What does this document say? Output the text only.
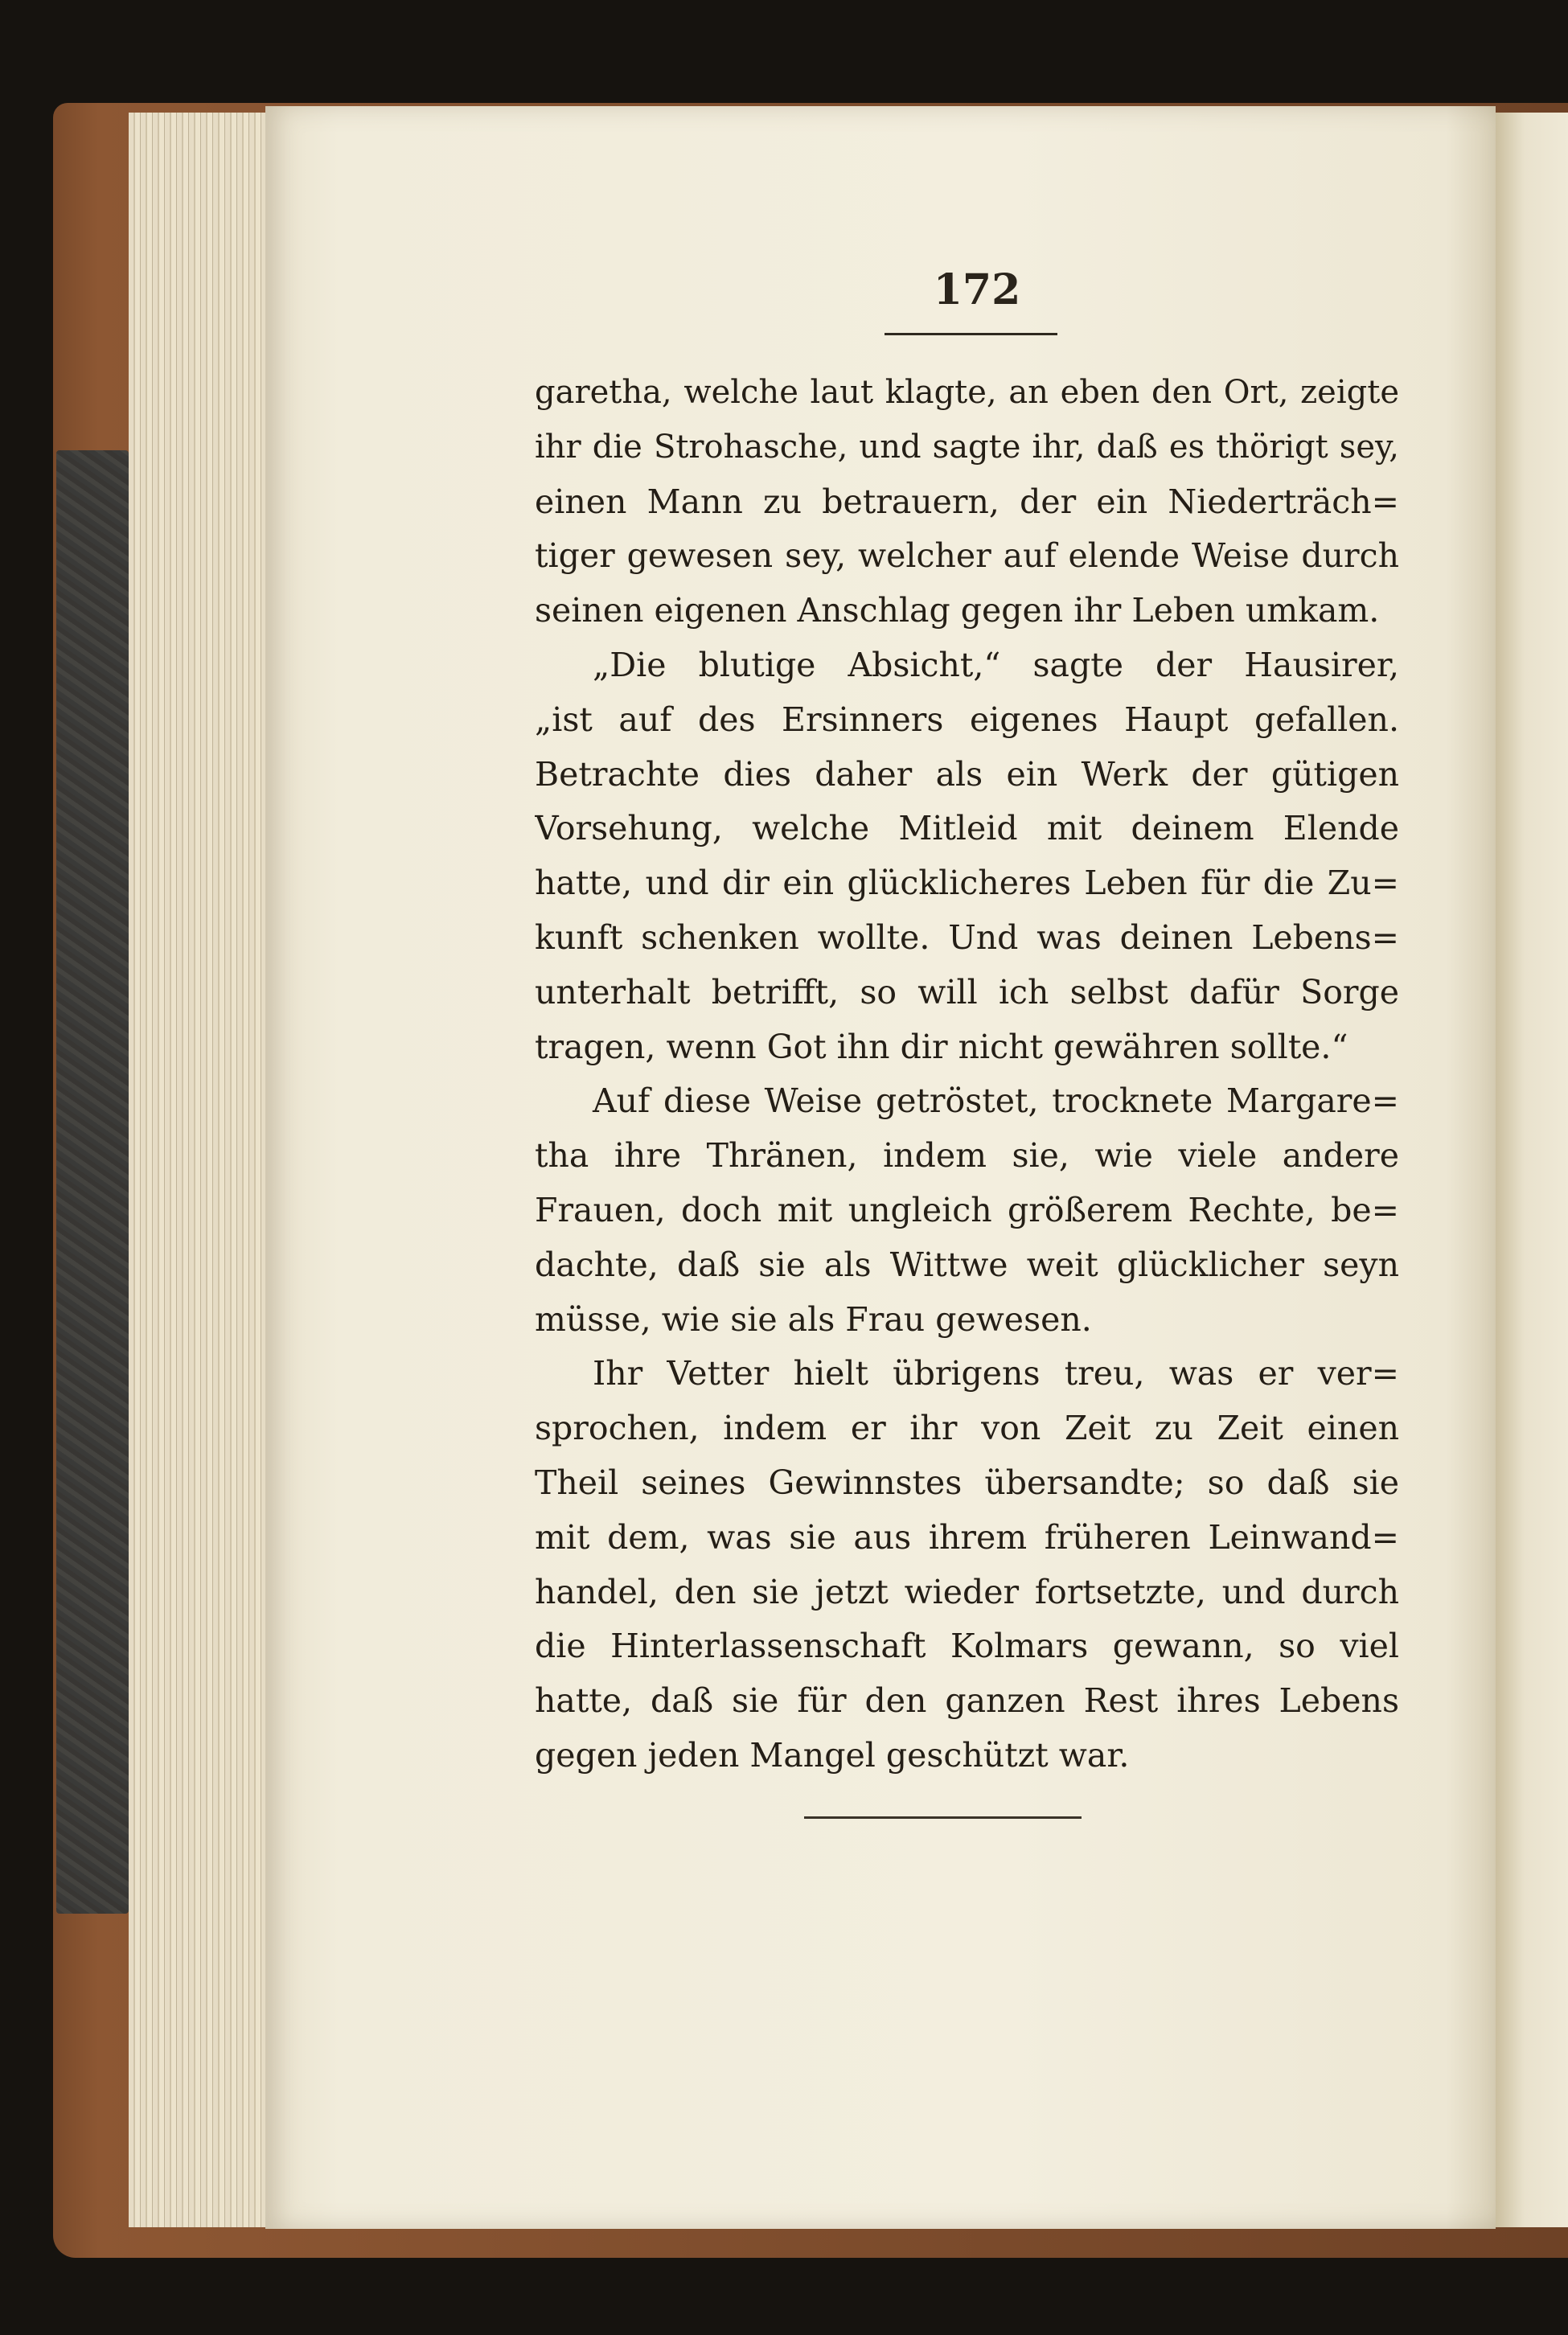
172
garetha, welche laut klagte, an eben den Ort, zeigte
ihr die Strohasche, und sagte ihr, daß es thörigt sey,
einen Mann zu betrauern, der ein Niederträch=
tiger gewesen sey, welcher auf elende Weise durch
seinen eigenen Anschlag gegen ihr Leben umkam.
„Die blutige Absicht,“ sagte der Hausirer,
„ist auf des Ersinners eigenes Haupt gefallen.
Betrachte dies daher als ein Werk der gütigen
Vorsehung, welche Mitleid mit deinem Elende
hatte, und dir ein glücklicheres Leben für die Zu=
kunft schenken wollte. Und was deinen Lebens=
unterhalt betrifft, so will ich selbst dafür Sorge
tragen, wenn Got ihn dir nicht gewähren sollte.“
Auf diese Weise getröstet, trocknete Margare=
tha ihre Thränen, indem sie, wie viele andere
Frauen, doch mit ungleich größerem Rechte, be=
dachte, daß sie als Wittwe weit glücklicher seyn
müsse, wie sie als Frau gewesen.
Ihr Vetter hielt übrigens treu, was er ver=
sprochen, indem er ihr von Zeit zu Zeit einen
Theil seines Gewinnstes übersandte; so daß sie
mit dem, was sie aus ihrem früheren Leinwand=
handel, den sie jetzt wieder fortsetzte, und durch
die Hinterlassenschaft Kolmars gewann, so viel
hatte, daß sie für den ganzen Rest ihres Lebens
gegen jeden Mangel geschützt war.
